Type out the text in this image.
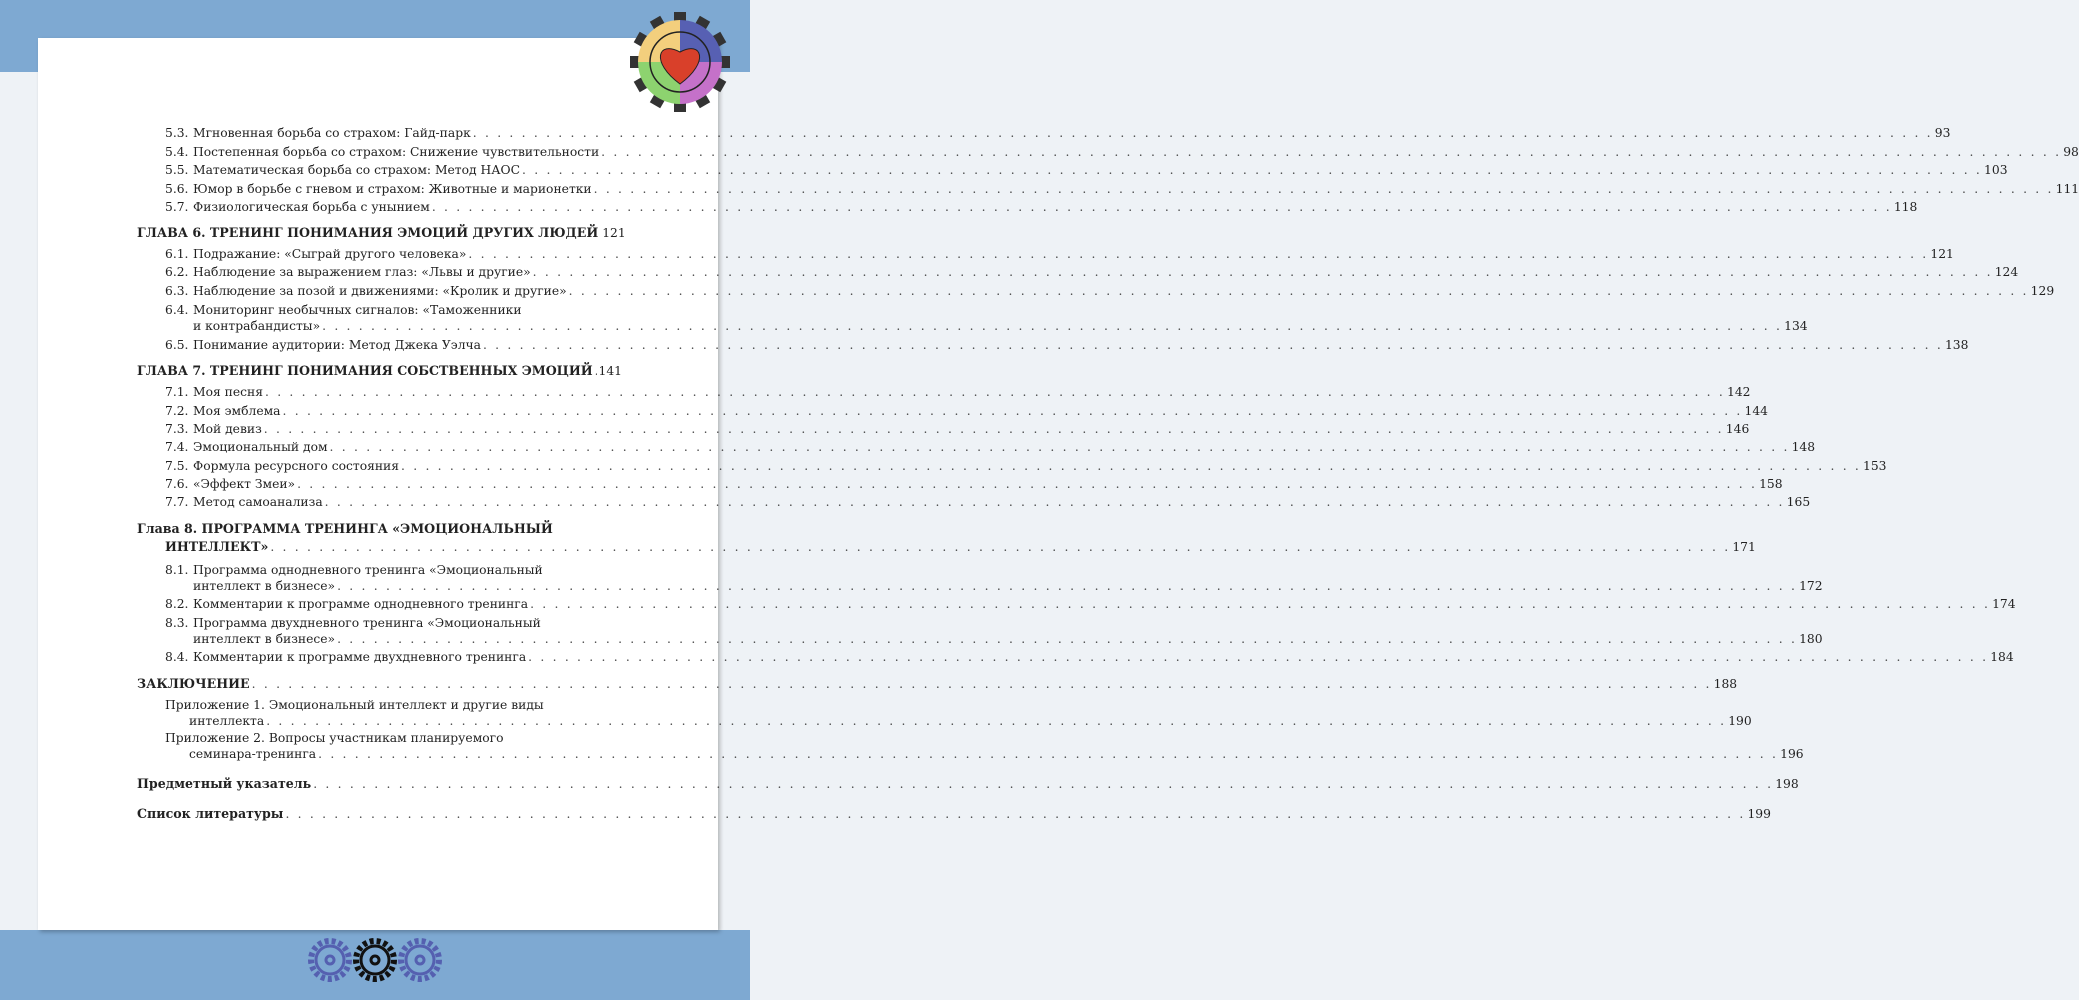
5.3. Мгновенная борьба со страхом: Гайд-парк . . . . . . . . . . . . . . . . . . . . . . . . . . . . . . . . . . . . . . . . . . . . . . . . . . . . . . . . . . . . . . . . . . . . . . . . . . . . . . . . . . . . . . . . . . . . . . . . . . . . . . . . . . . . . . . . . . . . . . . . 93
5.4. Постепенная борьба со страхом: Снижение чувствительности . . . . . . . . . . . . . . . . . . . . . . . . . . . . . . . . . . . . . . . . . . . . . . . . . . . . . . . . . . . . . . . . . . . . . . . . . . . . . . . . . . . . . . . . . . . . . . . . . . . . . . . . . . . . . . . . . . . . . . . . 98
5.5. Математическая борьба со страхом: Метод НАОС . . . . . . . . . . . . . . . . . . . . . . . . . . . . . . . . . . . . . . . . . . . . . . . . . . . . . . . . . . . . . . . . . . . . . . . . . . . . . . . . . . . . . . . . . . . . . . . . . . . . . . . . . . . . . . . . . . . . . . . . 103
5.6. Юмор в борьбе с гневом и страхом: Животные и марионетки . . . . . . . . . . . . . . . . . . . . . . . . . . . . . . . . . . . . . . . . . . . . . . . . . . . . . . . . . . . . . . . . . . . . . . . . . . . . . . . . . . . . . . . . . . . . . . . . . . . . . . . . . . . . . . . . . . . . . . . . 111
5.7. Физиологическая борьба с унынием . . . . . . . . . . . . . . . . . . . . . . . . . . . . . . . . . . . . . . . . . . . . . . . . . . . . . . . . . . . . . . . . . . . . . . . . . . . . . . . . . . . . . . . . . . . . . . . . . . . . . . . . . . . . . . . . . . . . . . . . 118
ГЛАВА 6. ТРЕНИНГ ПОНИМАНИЯ ЭМОЦИЙ ДРУГИХ ЛЮДЕЙ 121
6.1. Подражание: «Сыграй другого человека» . . . . . . . . . . . . . . . . . . . . . . . . . . . . . . . . . . . . . . . . . . . . . . . . . . . . . . . . . . . . . . . . . . . . . . . . . . . . . . . . . . . . . . . . . . . . . . . . . . . . . . . . . . . . . . . . . . . . . . . . 121
6.2. Наблюдение за выражением глаз: «Львы и другие» . . . . . . . . . . . . . . . . . . . . . . . . . . . . . . . . . . . . . . . . . . . . . . . . . . . . . . . . . . . . . . . . . . . . . . . . . . . . . . . . . . . . . . . . . . . . . . . . . . . . . . . . . . . . . . . . . . . . . . . . 124
6.3. Наблюдение за позой и движениями: «Кролик и другие» . . . . . . . . . . . . . . . . . . . . . . . . . . . . . . . . . . . . . . . . . . . . . . . . . . . . . . . . . . . . . . . . . . . . . . . . . . . . . . . . . . . . . . . . . . . . . . . . . . . . . . . . . . . . . . . . . . . . . . . . 129
6.4. Мониторинг необычных сигналов: «Таможенники
и контрабандисты» . . . . . . . . . . . . . . . . . . . . . . . . . . . . . . . . . . . . . . . . . . . . . . . . . . . . . . . . . . . . . . . . . . . . . . . . . . . . . . . . . . . . . . . . . . . . . . . . . . . . . . . . . . . . . . . . . . . . . . . . 134
6.5. Понимание аудитории: Метод Джека Уэлча . . . . . . . . . . . . . . . . . . . . . . . . . . . . . . . . . . . . . . . . . . . . . . . . . . . . . . . . . . . . . . . . . . . . . . . . . . . . . . . . . . . . . . . . . . . . . . . . . . . . . . . . . . . . . . . . . . . . . . . . 138
ГЛАВА 7. ТРЕНИНГ ПОНИМАНИЯ СОБСТВЕННЫХ ЭМОЦИЙ 141
7.1. Моя песня . . . . . . . . . . . . . . . . . . . . . . . . . . . . . . . . . . . . . . . . . . . . . . . . . . . . . . . . . . . . . . . . . . . . . . . . . . . . . . . . . . . . . . . . . . . . . . . . . . . . . . . . . . . . . . . . . . . . . . . . 142
7.2. Моя эмблема . . . . . . . . . . . . . . . . . . . . . . . . . . . . . . . . . . . . . . . . . . . . . . . . . . . . . . . . . . . . . . . . . . . . . . . . . . . . . . . . . . . . . . . . . . . . . . . . . . . . . . . . . . . . . . . . . . . . . . . . 144
7.3. Мой девиз . . . . . . . . . . . . . . . . . . . . . . . . . . . . . . . . . . . . . . . . . . . . . . . . . . . . . . . . . . . . . . . . . . . . . . . . . . . . . . . . . . . . . . . . . . . . . . . . . . . . . . . . . . . . . . . . . . . . . . . . 146
7.4. Эмоциональный дом . . . . . . . . . . . . . . . . . . . . . . . . . . . . . . . . . . . . . . . . . . . . . . . . . . . . . . . . . . . . . . . . . . . . . . . . . . . . . . . . . . . . . . . . . . . . . . . . . . . . . . . . . . . . . . . . . . . . . . . . 148
7.5. Формула ресурсного состояния . . . . . . . . . . . . . . . . . . . . . . . . . . . . . . . . . . . . . . . . . . . . . . . . . . . . . . . . . . . . . . . . . . . . . . . . . . . . . . . . . . . . . . . . . . . . . . . . . . . . . . . . . . . . . . . . . . . . . . . . 153
7.6. «Эффект Змеи» . . . . . . . . . . . . . . . . . . . . . . . . . . . . . . . . . . . . . . . . . . . . . . . . . . . . . . . . . . . . . . . . . . . . . . . . . . . . . . . . . . . . . . . . . . . . . . . . . . . . . . . . . . . . . . . . . . . . . . . . 158
7.7. Метод самоанализа . . . . . . . . . . . . . . . . . . . . . . . . . . . . . . . . . . . . . . . . . . . . . . . . . . . . . . . . . . . . . . . . . . . . . . . . . . . . . . . . . . . . . . . . . . . . . . . . . . . . . . . . . . . . . . . . . . . . . . . . 165
Глава 8. ПРОГРАММА ТРЕНИНГА «ЭМОЦИОНАЛЬНЫЙ
ИНТЕЛЛЕКТ» . . . . . . . . . . . . . . . . . . . . . . . . . . . . . . . . . . . . . . . . . . . . . . . . . . . . . . . . . . . . . . . . . . . . . . . . . . . . . . . . . . . . . . . . . . . . . . . . . . . . . . . . . . . . . . . . . . . . . . . . 171
8.1. Программа однодневного тренинга «Эмоциональный
интеллект в бизнесе» . . . . . . . . . . . . . . . . . . . . . . . . . . . . . . . . . . . . . . . . . . . . . . . . . . . . . . . . . . . . . . . . . . . . . . . . . . . . . . . . . . . . . . . . . . . . . . . . . . . . . . . . . . . . . . . . . . . . . . . . 172
8.2. Комментарии к программе однодневного тренинга . . . . . . . . . . . . . . . . . . . . . . . . . . . . . . . . . . . . . . . . . . . . . . . . . . . . . . . . . . . . . . . . . . . . . . . . . . . . . . . . . . . . . . . . . . . . . . . . . . . . . . . . . . . . . . . . . . . . . . . . 174
8.3. Программа двухдневного тренинга «Эмоциональный
интеллект в бизнесе» . . . . . . . . . . . . . . . . . . . . . . . . . . . . . . . . . . . . . . . . . . . . . . . . . . . . . . . . . . . . . . . . . . . . . . . . . . . . . . . . . . . . . . . . . . . . . . . . . . . . . . . . . . . . . . . . . . . . . . . . 180
8.4. Комментарии к программе двухдневного тренинга . . . . . . . . . . . . . . . . . . . . . . . . . . . . . . . . . . . . . . . . . . . . . . . . . . . . . . . . . . . . . . . . . . . . . . . . . . . . . . . . . . . . . . . . . . . . . . . . . . . . . . . . . . . . . . . . . . . . . . . . 184
ЗАКЛЮЧЕНИЕ . . . . . . . . . . . . . . . . . . . . . . . . . . . . . . . . . . . . . . . . . . . . . . . . . . . . . . . . . . . . . . . . . . . . . . . . . . . . . . . . . . . . . . . . . . . . . . . . . . . . . . . . . . . . . . . . . . . . . . . . 188
Приложение 1. Эмоциональный интеллект и другие виды
интеллекта . . . . . . . . . . . . . . . . . . . . . . . . . . . . . . . . . . . . . . . . . . . . . . . . . . . . . . . . . . . . . . . . . . . . . . . . . . . . . . . . . . . . . . . . . . . . . . . . . . . . . . . . . . . . . . . . . . . . . . . . 190
Приложение 2. Вопросы участникам планируемого
семинара-тренинга . . . . . . . . . . . . . . . . . . . . . . . . . . . . . . . . . . . . . . . . . . . . . . . . . . . . . . . . . . . . . . . . . . . . . . . . . . . . . . . . . . . . . . . . . . . . . . . . . . . . . . . . . . . . . . . . . . . . . . . . 196
Предметный указатель . . . . . . . . . . . . . . . . . . . . . . . . . . . . . . . . . . . . . . . . . . . . . . . . . . . . . . . . . . . . . . . . . . . . . . . . . . . . . . . . . . . . . . . . . . . . . . . . . . . . . . . . . . . . . . . . . . . . . . . . 198
Список литературы . . . . . . . . . . . . . . . . . . . . . . . . . . . . . . . . . . . . . . . . . . . . . . . . . . . . . . . . . . . . . . . . . . . . . . . . . . . . . . . . . . . . . . . . . . . . . . . . . . . . . . . . . . . . . . . . . . . . . . . . 199
